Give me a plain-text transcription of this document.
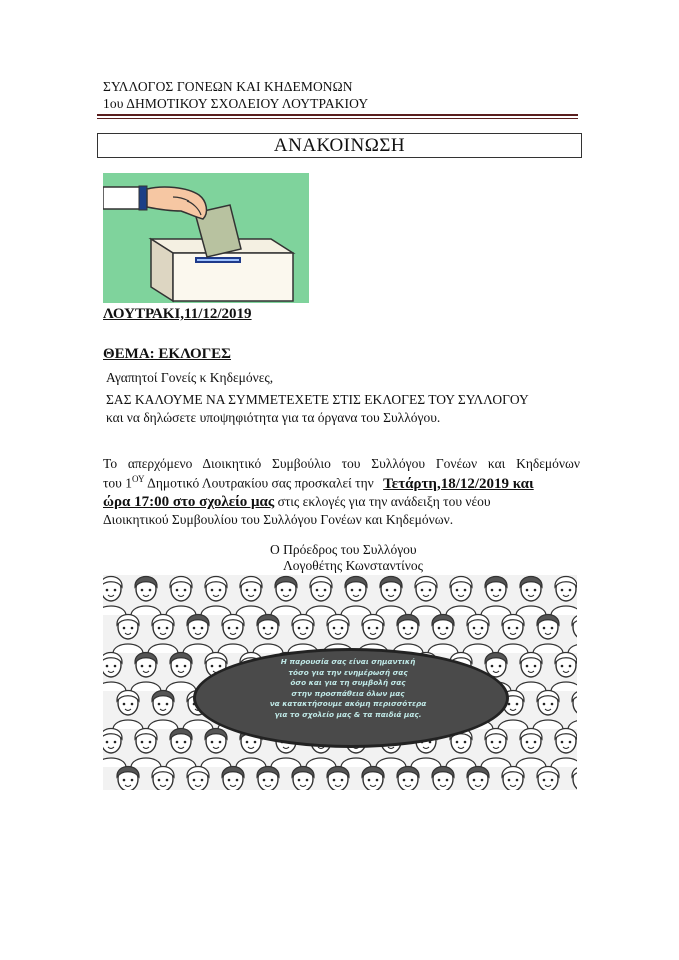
ΣΥΛΛΟΓΟΣ ΓΟΝΕΩΝ ΚΑΙ ΚΗΔΕΜΟΝΩΝ
1ου ΔΗΜΟΤΙΚΟΥ ΣΧΟΛΕΙΟΥ ΛΟΥΤΡΑΚΙΟΥ
ΑΝΑΚΟΙΝΩΣΗ
ΛΟΥΤΡΑΚΙ,11/12/2019
ΘΕΜΑ: ΕΚΛΟΓΕΣ
Αγαπητοί Γονείς κ Κηδεμόνες,
ΣΑΣ ΚΑΛΟΥΜΕ ΝΑ ΣΥΜΜΕΤΕΧΕΤΕ ΣΤΙΣ ΕΚΛΟΓΕΣ ΤΟΥ ΣΥΛΛΟΓΟΥ
και να δηλώσετε υποψηφιότητα για τα όργανα του Συλλόγου.
Το απερχόμενο Διοικητικό Συμβούλιο του Συλλόγου Γονέων και Κηδεμόνων
του $1^{O\Upsilon}$ Δημοτικό Λουτρακίου σας προσκαλεί την Τετάρτη,18/12/2019 και
ώρα 17:00 στο σχολείο μας στις εκλογές για την ανάδειξη του νέου
Διοικητικού Συμβουλίου του Συλλόγου Γονέων και Κηδεμόνων.
Ο Πρόεδρος του Συλλόγου
Λογοθέτης Κωνσταντίνος
Η παρουσία σας είναι σημαντική
τόσο για την ενημέρωσή σας
όσο και για τη συμβολή σας
στην προσπάθεια όλων μας
να κατακτήσουμε ακόμη περισσότερα
για το σχολείο μας & τα παιδιά μας.
